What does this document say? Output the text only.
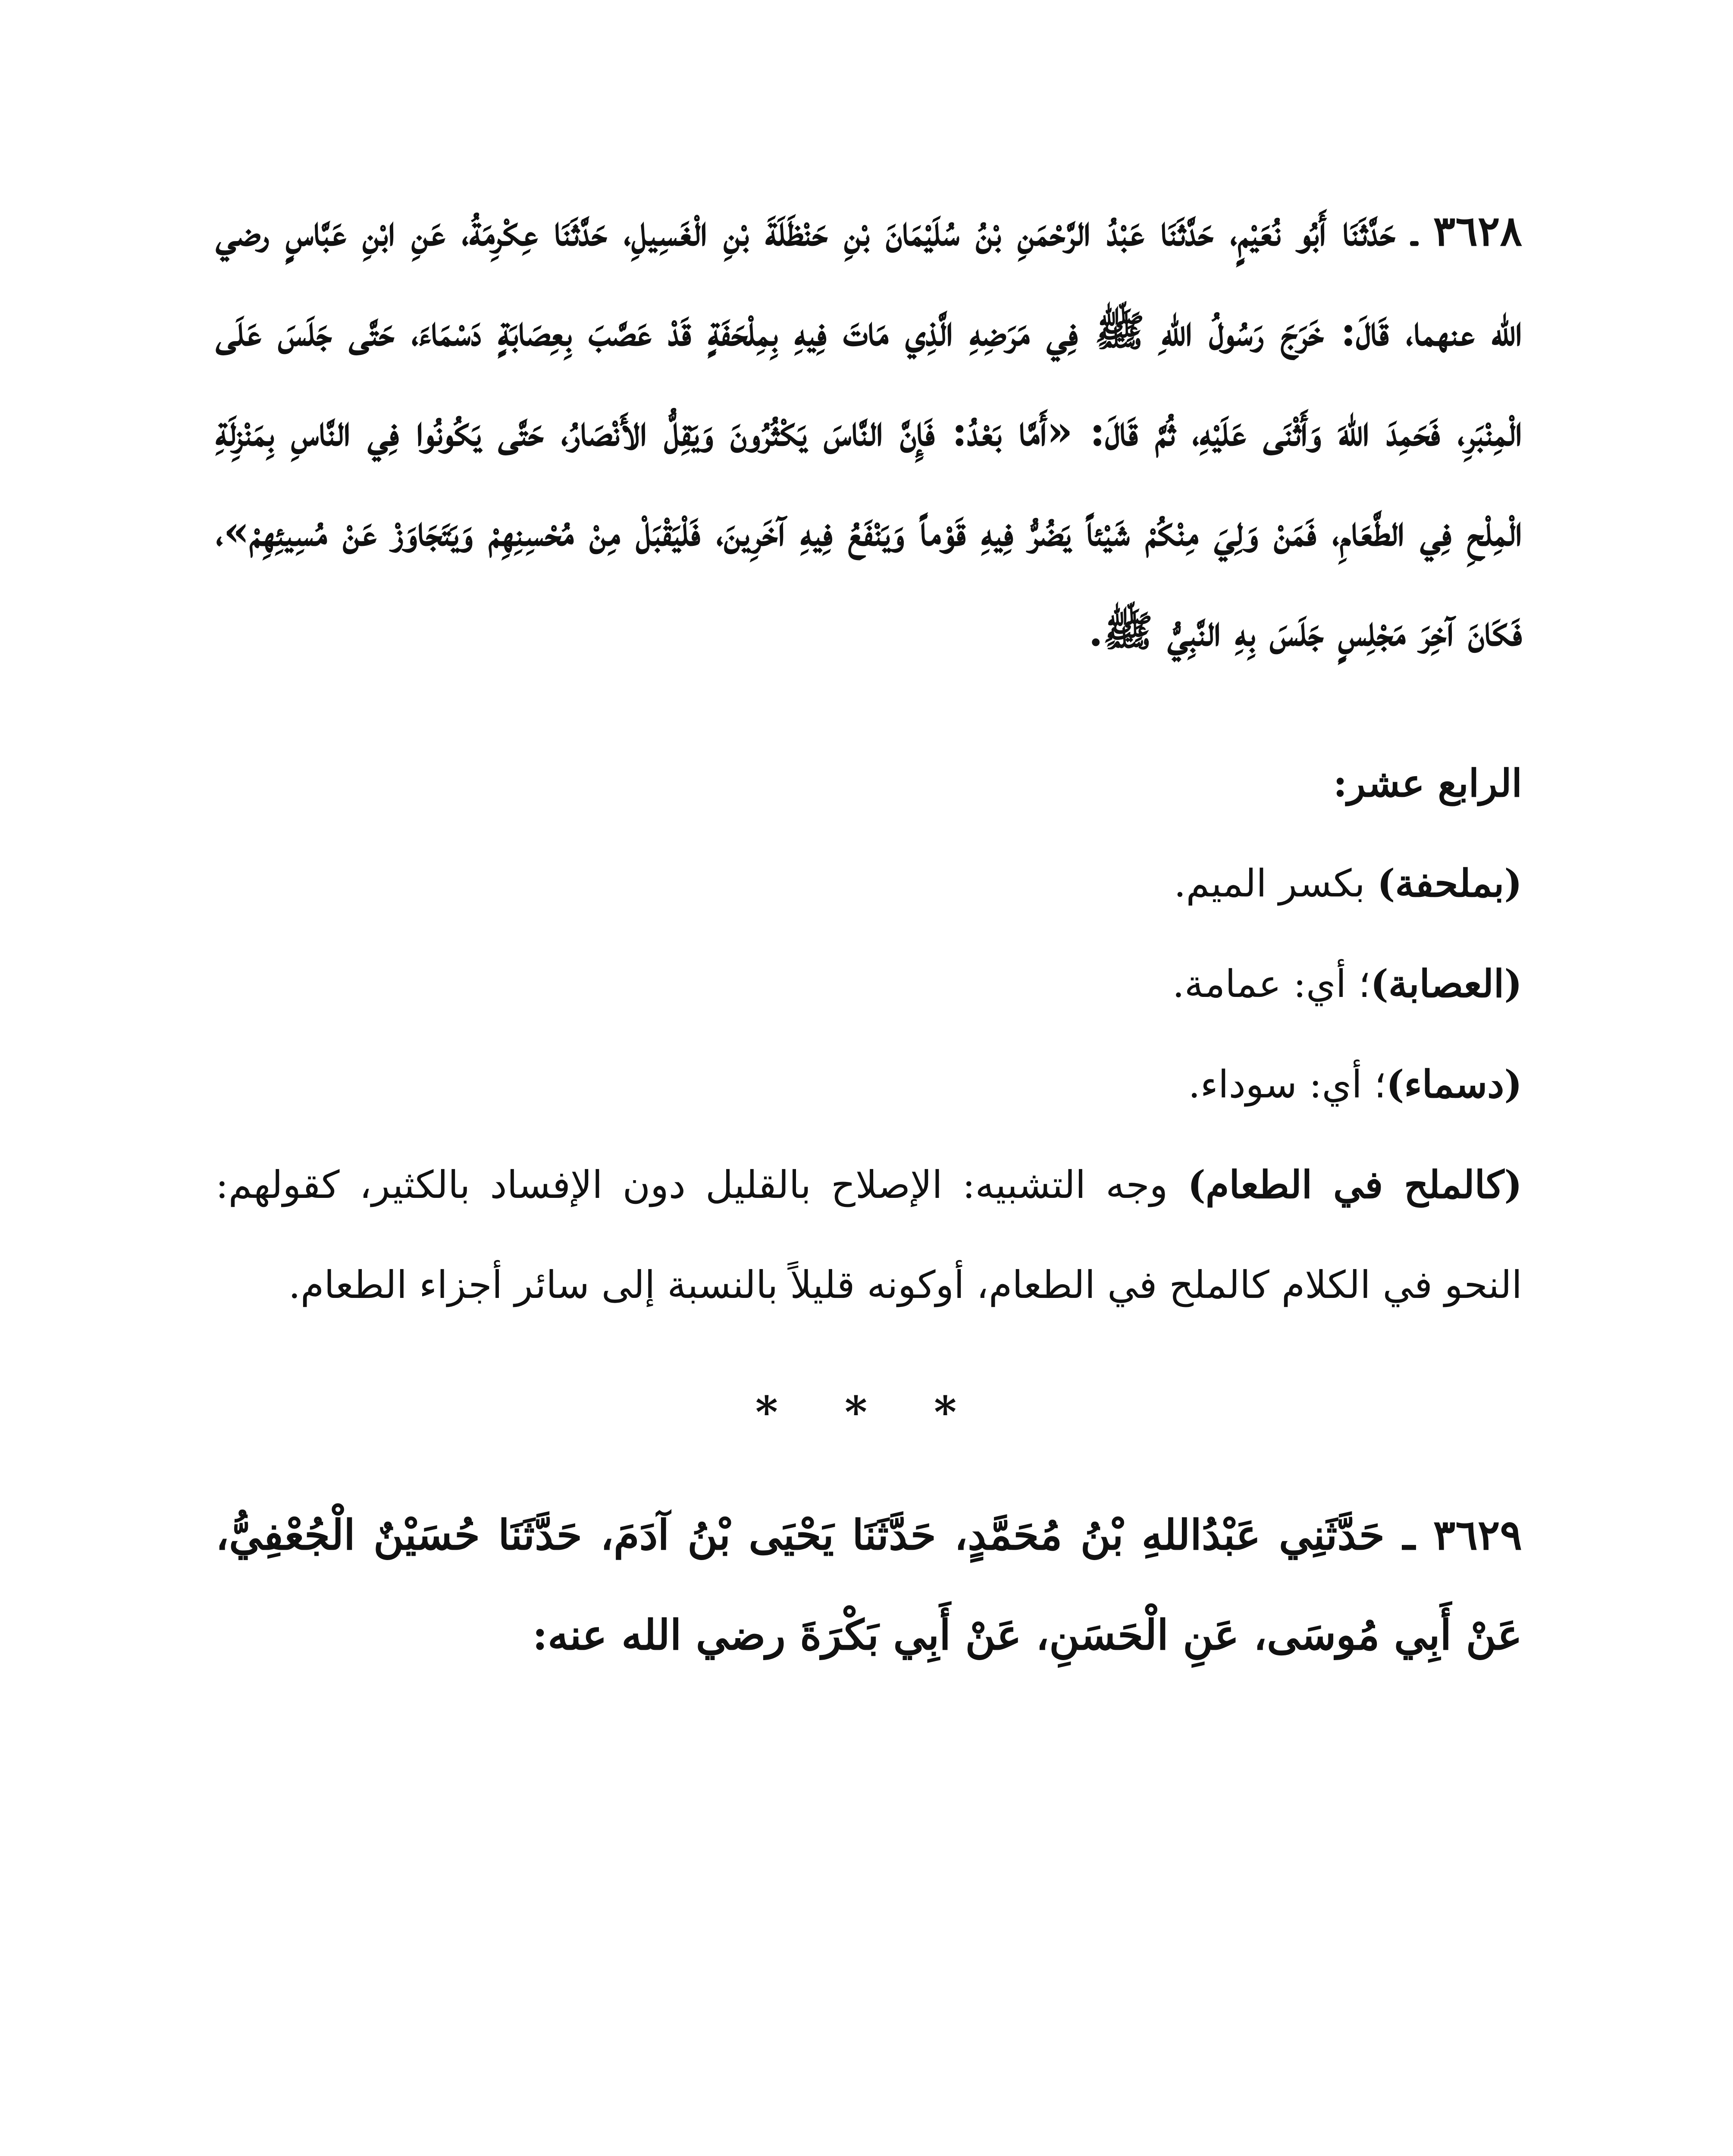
٣٦٢٨ ـ حَدَّثَنَا أَبُو نُعَيْمٍ، حَدَّثَنَا عَبْدُ الرَّحْمَنِ بْنُ سُلَيْمَانَ بْنِ حَنْظَلَةَ بْنِ الْغَسِيلِ، حَدَّثَنَا عِكْرِمَةُ، عَنِ ابْنِ عَبَّاسٍ رضي الله عنهما، قَالَ: خَرَجَ رَسُولُ اللهِ ﷺ فِي مَرَضِهِ الَّذِي مَاتَ فِيهِ بِمِلْحَفَةٍ قَدْ عَصَّبَ بِعِصَابَةٍ دَسْمَاءَ، حَتَّى جَلَسَ عَلَى الْمِنْبَرِ، فَحَمِدَ اللهَ وَأَثْنَى عَلَيْهِ، ثُمَّ قَالَ: «أَمَّا بَعْدُ: فَإِنَّ النَّاسَ يَكْثُرُونَ وَيَقِلُّ الأَنْصَارُ، حَتَّى يَكُونُوا فِي النَّاسِ بِمَنْزِلَةِ الْمِلْحِ فِي الطَّعَامِ، فَمَنْ وَلِيَ مِنْكُمْ شَيْئاً يَضُرُّ فِيهِ قَوْماً وَيَنْفَعُ فِيهِ آخَرِينَ، فَلْيَقْبَلْ مِنْ مُحْسِنِهِمْ وَيَتَجَاوَزْ عَنْ مُسِيئِهِمْ»، فَكَانَ آخِرَ مَجْلِسٍ جَلَسَ بِهِ النَّبِيُّ ﷺ.

الرابع عشر:

(بملحفة) بكسر الميم.

(العصابة)؛ أي: عمامة.

(دسماء)؛ أي: سوداء.

(كالملح في الطعام) وجه التشبيه: الإصلاح بالقليل دون الإفساد بالكثير، كقولهم: النحو في الكلام كالملح في الطعام، أوكونه قليلاً بالنسبة إلى سائر أجزاء الطعام.

* * *

٣٦٢٩ ـ حَدَّثَنِي عَبْدُاللهِ بْنُ مُحَمَّدٍ، حَدَّثَنَا يَحْيَى بْنُ آدَمَ، حَدَّثَنَا حُسَيْنٌ الْجُعْفِيُّ، عَنْ أَبِي مُوسَى، عَنِ الْحَسَنِ، عَنْ أَبِي بَكْرَةَ رضي الله عنه:
